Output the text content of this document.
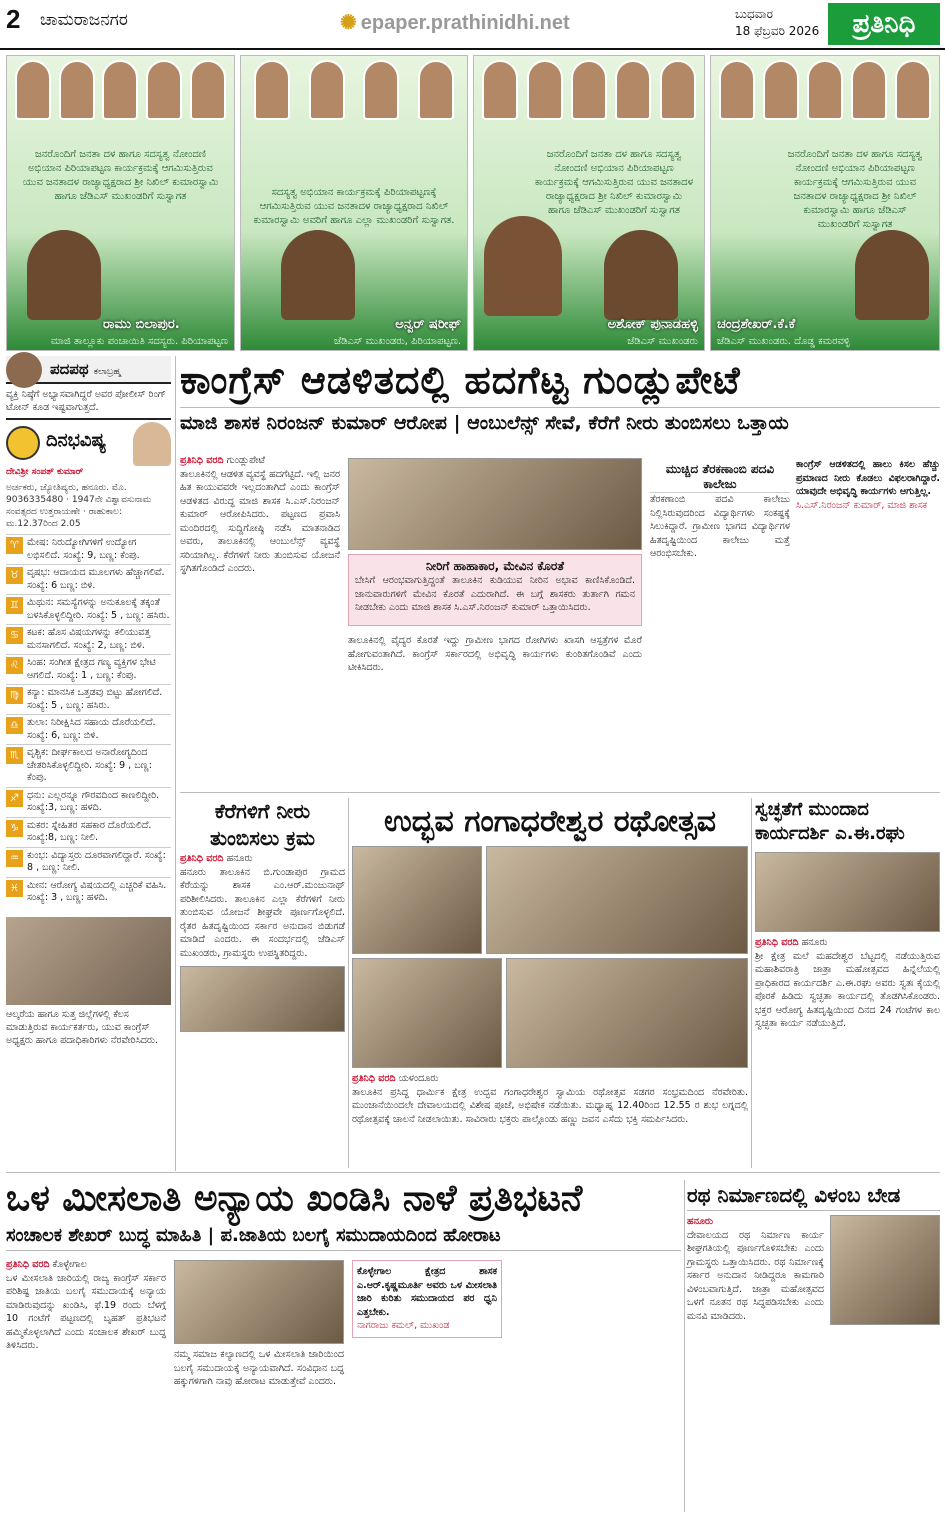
2 ಚಾಮರಾಜನಗರ	✺ epaper.prathinidhi.net	ಬುಧವಾರ
18 ಫೆಬ್ರವರಿ 2026	ಪ್ರತಿನಿಧಿ
ಜನರೊಂದಿಗೆ ಜನತಾ ದಳ ಹಾಗೂ ಸದಸ್ಯತ್ವ ನೋಂದಣಿ ಅಭಿಯಾನ ಪಿರಿಯಾಪಟ್ಟಣ ಕಾರ್ಯಕ್ರಮಕ್ಕೆ ಆಗಮಿಸುತ್ತಿರುವ ಯುವ ಜನತಾದಳ ರಾಜ್ಯಾಧ್ಯಕ್ಷರಾದ ಶ್ರೀ ನಿಖಿಲ್ ಕುಮಾರಸ್ವಾಮಿ ಹಾಗೂ ಜೆಡಿಎಸ್ ಮುಖಂಡರಿಗೆ ಸುಸ್ವಾಗತ
ರಾಮು ಬಿಲಾಪುರ.
ಮಾಜಿ ತಾಲ್ಲೂಕು ಪಂಚಾಯಿತಿ ಸದಸ್ಯರು. ಪಿರಿಯಾಪಟ್ಟಣ
ಸದಸ್ಯತ್ವ ಅಭಿಯಾನ ಕಾರ್ಯಕ್ರಮಕ್ಕೆ ಪಿರಿಯಾಪಟ್ಟಣಕ್ಕೆ ಆಗಮಿಸುತ್ತಿರುವ ಯುವ ಜನತಾದಳ ರಾಜ್ಯಾಧ್ಯಕ್ಷರಾದ ನಿಖಿಲ್ ಕುಮಾರಸ್ವಾಮಿ ಅವರಿಗೆ ಹಾಗೂ ಎಲ್ಲಾ ಮುಖಂಡರಿಗೆ ಸುಸ್ವಾಗತ.
ಅನ್ವರ್ ಷರೀಫ್
ಜೆಡಿಎಸ್ ಮುಖಂಡರು, ಪಿರಿಯಾಪಟ್ಟಣ.
ಜನರೊಂದಿಗೆ ಜನತಾ ದಳ ಹಾಗೂ ಸದಸ್ಯತ್ವ ನೋಂದಣಿ ಅಭಿಯಾನ ಪಿರಿಯಾಪಟ್ಟಣ ಕಾರ್ಯಕ್ರಮಕ್ಕೆ ಆಗಮಿಸುತ್ತಿರುವ ಯುವ ಜನತಾದಳ ರಾಜ್ಯಾಧ್ಯಕ್ಷರಾದ ಶ್ರೀ ನಿಖಿಲ್ ಕುಮಾರಸ್ವಾಮಿ ಹಾಗೂ ಜೆಡಿಎಸ್ ಮುಖಂಡರಿಗೆ ಸುಸ್ವಾಗತ
ಅಶೋಕ್ ಪುನಾಡಹಳ್ಳಿ
ಜೆಡಿಎಸ್ ಮುಖಂಡರು
ಜನರೊಂದಿಗೆ ಜನತಾ ದಳ ಹಾಗೂ ಸದಸ್ಯತ್ವ ನೋಂದಣಿ ಅಭಿಯಾನ ಪಿರಿಯಾಪಟ್ಟಣ ಕಾರ್ಯಕ್ರಮಕ್ಕೆ ಆಗಮಿಸುತ್ತಿರುವ ಯುವ ಜನತಾದಳ ರಾಜ್ಯಾಧ್ಯಕ್ಷರಾದ ಶ್ರೀ ನಿಖಿಲ್ ಕುಮಾರಸ್ವಾಮಿ ಹಾಗೂ ಜೆಡಿಎಸ್ ಮುಖಂಡರಿಗೆ ಸುಸ್ವಾಗತ
ಚಂದ್ರಶೇಖರ್.ಕೆ.ಕೆ
ಜೆಡಿಎಸ್ ಮುಖಂಡರು. ದೊಡ್ಡ ಕಮರವಳ್ಳಿ
ಪದಪಥ ಕಲಾಬ್ರಹ್ಮ
ವ್ಯಕ್ತಿ ನಿಷ್ಠೆಗೆ ಅಭ್ಯಾಸವಾಗಿದ್ದರೆ ಅವರ ಪೋಲೀಸ್ ರಿಂಗ್ ಟೋನ್ ಕೂಡ ಇಷ್ಟವಾಗುತ್ತದೆ.
ದಿನಭವಿಷ್ಯ
ದೇವಿಶ್ರೀ ಸಂಪತ್ ಕುಮಾರ್
ಅರ್ಚಕರು, ಜ್ಯೋತಿಷ್ಯರು, ಹನೂರು. ಮೊ. 9036335480 · 1947ನೇ ವಿಶ್ವಾವಸುನಾಮ ಸಂವತ್ಸರದ ಉತ್ತರಾಯಣೇ · ರಾಹುಕಾಲ: ಮ.12.37ರಿಂದ 2.05
♈ ಮೇಷ: ನಿರುದ್ಯೋಗಿಗಳಿಗೆ ಉದ್ಯೋಗ ಲಭಿಸಲಿದೆ. ಸಂಖ್ಯೆ: 9, ಬಣ್ಣ: ಕೆಂಪು.
♉ ವೃಷಭ: ಆದಾಯದ ಮೂಲಗಳು ಹೆಚ್ಚಾಗಲಿವೆ. ಸಂಖ್ಯೆ: 6 ಬಣ್ಣ: ಬಿಳಿ.
♊ ಮಿಥುನ: ಸಮಸ್ಯೆಗಳನ್ನು ಅನುಕೂಲಕ್ಕೆ ತಕ್ಕಂತೆ ಬಳಸಿಕೊಳ್ಳಲಿದ್ದೀರಿ. ಸಂಖ್ಯೆ: 5 , ಬಣ್ಣ: ಹಸಿರು.
♋ ಕಟಕ: ಹೊಸ ವಿಷಯಗಳನ್ನು ಕಲಿಯುವತ್ತ ಮನಸಾಗಲಿದೆ. ಸಂಖ್ಯೆ: 2, ಬಣ್ಣ: ಬಿಳಿ.
♌ ಸಿಂಹ: ಸಂಗೀತ ಕ್ಷೇತ್ರದ ಗಣ್ಯ ವ್ಯಕ್ತಿಗಳ ಭೇಟಿ ಆಗಲಿದೆ. ಸಂಖ್ಯೆ: 1 , ಬಣ್ಣ: ಕೆಂಪು.
♍ ಕನ್ಯಾ: ಮಾನಸಿಕ ಒತ್ತಡವು ಬಿಟ್ಟು ಹೋಗಲಿದೆ. ಸಂಖ್ಯೆ: 5 , ಬಣ್ಣ: ಹಸಿರು.
♎ ತುಲಾ: ನಿರೀಕ್ಷಿಸಿದ ಸಹಾಯ ದೊರೆಯಲಿದೆ. ಸಂಖ್ಯೆ: 6, ಬಣ್ಣ: ಬಿಳಿ.
♏ ವೃಶ್ಚಿಕ: ದೀರ್ಘಕಾಲದ ಅನಾರೋಗ್ಯದಿಂದ ಚೇತರಿಸಿಕೊಳ್ಳಲಿದ್ದೀರಿ. ಸಂಖ್ಯೆ: 9 , ಬಣ್ಣ: ಕೆಂಪು.
♐ ಧನು: ಎಲ್ಲರನ್ನೂ ಗೌರವದಿಂದ ಕಾಣಲಿದ್ದೀರಿ. ಸಂಖ್ಯೆ:3, ಬಣ್ಣ: ಹಳದಿ.
♑ ಮಕರ: ಸ್ನೇಹಿತರ ಸಹಕಾರ ದೊರೆಯಲಿದೆ. ಸಂಖ್ಯೆ:8, ಬಣ್ಣ: ನೀಲಿ.
♒ ಕುಂಭ: ವಿದ್ಯಾಸ್ತರು ದೂರವಾಗಲಿದ್ದಾರೆ. ಸಂಖ್ಯೆ: 8 , ಬಣ್ಣ: ನೀಲಿ.
♓ ಮೀನ: ಆರೋಗ್ಯ ವಿಷಯದಲ್ಲಿ ಎಚ್ಚರಿಕೆ ವಹಿಸಿ. ಸಂಖ್ಯೆ: 3 , ಬಣ್ಣ: ಹಳದಿ.
ಆಲ್ಕರೆಯ ಹಾಗೂ ಸುತ್ತ ಜಿಲ್ಲೆಗಳಲ್ಲಿ ಕೆಲಸ ಮಾಡುತ್ತಿರುವ ಕಾರ್ಯಕರ್ತರು, ಯುವ ಕಾಂಗ್ರೆಸ್ ಅಧ್ಯಕ್ಷರು ಹಾಗೂ ಪದಾಧಿಕಾರಿಗಳು ನೆರವೇರಿಸಿದರು.
ಕಾಂಗ್ರೆಸ್ ಆಡಳಿತದಲ್ಲಿ ಹದಗೆಟ್ಟ ಗುಂಡ್ಲುಪೇಟೆ
ಮಾಜಿ ಶಾಸಕ ನಿರಂಜನ್ ಕುಮಾರ್ ಆರೋಪ | ಆಂಬುಲೆನ್ಸ್ ಸೇವೆ, ಕೆರೆಗೆ ನೀರು ತುಂಬಿಸಲು ಒತ್ತಾಯ
ಪ್ರತಿನಿಧಿ ವರದಿ ಗುಂಡ್ಲುಪೇಟೆ
ತಾಲೂಕಿನಲ್ಲಿ ಆಡಳಿತ ವ್ಯವಸ್ಥೆ ಹದಗೆಟ್ಟಿದೆ. ಇಲ್ಲಿ ಜನರ ಹಿತ ಕಾಯುವವರೇ ಇಲ್ಲದಂತಾಗಿದೆ ಎಂದು ಕಾಂಗ್ರೆಸ್ ಆಡಳಿತದ ವಿರುದ್ಧ ಮಾಜಿ ಶಾಸಕ ಸಿ.ಎಸ್.ನಿರಂಜನ್ ಕುಮಾರ್ ಆರೋಪಿಸಿದರು. ಪಟ್ಟಣದ ಪ್ರವಾಸಿ ಮಂದಿರದಲ್ಲಿ ಸುದ್ದಿಗೋಷ್ಠಿ ನಡೆಸಿ ಮಾತನಾಡಿದ ಅವರು, ತಾಲೂಕಿನಲ್ಲಿ ಆಂಬುಲೆನ್ಸ್ ವ್ಯವಸ್ಥೆ ಸರಿಯಾಗಿಲ್ಲ. ಕೆರೆಗಳಿಗೆ ನೀರು ತುಂಬಿಸುವ ಯೋಜನೆ ಸ್ಥಗಿತಗೊಂಡಿದೆ ಎಂದರು.	ನೀರಿಗೆ ಹಾಹಾಕಾರ, ಮೇವಿನ ಕೊರತೆ
ಬೇಸಿಗೆ ಆರಂಭವಾಗುತ್ತಿದ್ದಂತೆ ತಾಲೂಕಿನ ಕುಡಿಯುವ ನೀರಿನ ಅಭಾವ ಕಾಣಿಸಿಕೊಂಡಿದೆ. ಜಾನುವಾರುಗಳಿಗೆ ಮೇವಿನ ಕೊರತೆ ಎದುರಾಗಿದೆ. ಈ ಬಗ್ಗೆ ಶಾಸಕರು ತುರ್ತಾಗಿ ಗಮನ ನೀಡಬೇಕು ಎಂದು ಮಾಜಿ ಶಾಸಕ ಸಿ.ಎಸ್.ನಿರಂಜನ್ ಕುಮಾರ್ ಒತ್ತಾಯಿಸಿದರು.
ತಾಲೂಕಿನಲ್ಲಿ ವೈದ್ಯರ ಕೊರತೆ ಇದ್ದು ಗ್ರಾಮೀಣ ಭಾಗದ ರೋಗಿಗಳು ಖಾಸಗಿ ಆಸ್ಪತ್ರೆಗಳ ಮೊರೆ ಹೋಗುವಂತಾಗಿದೆ. ಕಾಂಗ್ರೆಸ್ ಸರ್ಕಾರದಲ್ಲಿ ಅಭಿವೃದ್ಧಿ ಕಾರ್ಯಗಳು ಕುಂಠಿತಗೊಂಡಿವೆ ಎಂದು ಟೀಕಿಸಿದರು.
ಮುಚ್ಚಿದ ತೆರಕಣಾಂಬಿ ಪದವಿ ಕಾಲೇಜು
ತೆರಕಣಾಂಬಿ ಪದವಿ ಕಾಲೇಜು ನಿಲ್ಲಿಸಿರುವುದರಿಂದ ವಿದ್ಯಾರ್ಥಿಗಳು ಸಂಕಷ್ಟಕ್ಕೆ ಸಿಲುಕಿದ್ದಾರೆ. ಗ್ರಾಮೀಣ ಭಾಗದ ವಿದ್ಯಾರ್ಥಿಗಳ ಹಿತದೃಷ್ಟಿಯಿಂದ ಕಾಲೇಜು ಮತ್ತೆ ಆರಂಭಿಸಬೇಕು.
ಕಾಂಗ್ರೆಸ್ ಆಡಳಿತದಲ್ಲಿ ಹಾಲು ಕಿಸಲ ಹೆಚ್ಚು ಪ್ರಮಾಣದ ನೀರು ಕೊಡಲು ವಿಫಲರಾಗಿದ್ದಾರೆ. ಯಾವುದೇ ಅಭಿವೃದ್ಧಿ ಕಾರ್ಯಗಳು ಆಗುತ್ತಿಲ್ಲ.
ಸಿ.ಎಸ್.ನಿರಂಜನ್ ಕುಮಾರ್, ಮಾಜಿ ಶಾಸಕ
ಕೆರೆಗಳಿಗೆ ನೀರು ತುಂಬಿಸಲು ಕ್ರಮ
ಪ್ರತಿನಿಧಿ ವರದಿ ಹನೂರು
ಹನೂರು ತಾಲೂಕಿನ ಬಿ.ಗುಂಡಾಪುರ ಗ್ರಾಮದ ಕೆರೆಯನ್ನು ಶಾಸಕ ಎಂ.ಆರ್.ಮಂಜುನಾಥ್ ಪರಿಶೀಲಿಸಿದರು. ತಾಲೂಕಿನ ಎಲ್ಲಾ ಕೆರೆಗಳಿಗೆ ನೀರು ತುಂಬಿಸುವ ಯೋಜನೆ ಶೀಘ್ರವೇ ಪೂರ್ಣಗೊಳ್ಳಲಿದೆ. ರೈತರ ಹಿತದೃಷ್ಟಿಯಿಂದ ಸರ್ಕಾರ ಅನುದಾನ ಬಿಡುಗಡೆ ಮಾಡಿದೆ ಎಂದರು. ಈ ಸಂದರ್ಭದಲ್ಲಿ ಜೆಡಿಎಸ್ ಮುಖಂಡರು, ಗ್ರಾಮಸ್ಥರು ಉಪಸ್ಥಿತರಿದ್ದರು.
ಉದ್ಭವ ಗಂಗಾಧರೇಶ್ವರ ರಥೋತ್ಸವ
ಪ್ರತಿನಿಧಿ ವರದಿ ಯಳಂದೂರು
ತಾಲೂಕಿನ ಪ್ರಸಿದ್ಧ ಧಾರ್ಮಿಕ ಕ್ಷೇತ್ರ ಉದ್ಭವ ಗಂಗಾಧರೇಶ್ವರ ಸ್ವಾಮಿಯ ರಥೋತ್ಸವ ಸಡಗರ ಸಂಭ್ರಮದಿಂದ ನೆರವೇರಿತು. ಮುಂಜಾನೆಯಿಂದಲೇ ದೇವಾಲಯದಲ್ಲಿ ವಿಶೇಷ ಪೂಜೆ, ಅಭಿಷೇಕ ನಡೆಯಿತು. ಮಧ್ಯಾಹ್ನ 12.40ರಿಂದ 12.55 ರ ಶುಭ ಲಗ್ನದಲ್ಲಿ ರಥೋತ್ಸವಕ್ಕೆ ಚಾಲನೆ ನೀಡಲಾಯಿತು. ಸಾವಿರಾರು ಭಕ್ತರು ಪಾಲ್ಗೊಂಡು ಹಣ್ಣು ಜವನ ಎಸೆದು ಭಕ್ತಿ ಸಮರ್ಪಿಸಿದರು.
ಸ್ವಚ್ಛತೆಗೆ ಮುಂದಾದ ಕಾರ್ಯದರ್ಶಿ ಎ.ಈ.ರಘು
ಪ್ರತಿನಿಧಿ ವರದಿ ಹನೂರು
ಶ್ರೀ ಕ್ಷೇತ್ರ ಮಲೆ ಮಹದೇಶ್ವರ ಬೆಟ್ಟದಲ್ಲಿ ನಡೆಯುತ್ತಿರುವ ಮಹಾಶಿವರಾತ್ರಿ ಜಾತ್ರಾ ಮಹೋತ್ಸವದ ಹಿನ್ನೆಲೆಯಲ್ಲಿ ಪ್ರಾಧಿಕಾರದ ಕಾರ್ಯದರ್ಶಿ ಎ.ಈ.ರಘು ಅವರು ಸ್ವತಃ ಕೈಯಲ್ಲಿ ಪೊರಕೆ ಹಿಡಿದು ಸ್ವಚ್ಛತಾ ಕಾರ್ಯದಲ್ಲಿ ತೊಡಗಿಸಿಕೊಂಡರು. ಭಕ್ತರ ಆರೋಗ್ಯ ಹಿತದೃಷ್ಟಿಯಿಂದ ದಿನದ 24 ಗಂಟೆಗಳ ಕಾಲ ಸ್ವಚ್ಛತಾ ಕಾರ್ಯ ನಡೆಯುತ್ತಿದೆ.
ಒಳ ಮೀಸಲಾತಿ ಅನ್ಯಾಯ ಖಂಡಿಸಿ ನಾಳೆ ಪ್ರತಿಭಟನೆ
ಸಂಚಾಲಕ ಶೇಖರ್ ಬುದ್ಧ ಮಾಹಿತಿ | ಪ.ಜಾತಿಯ ಬಲಗೈ ಸಮುದಾಯದಿಂದ ಹೋರಾಟ
ಪ್ರತಿನಿಧಿ ವರದಿ ಕೊಳ್ಳೇಗಾಲ
ಒಳ ಮೀಸಲಾತಿ ಜಾರಿಯಲ್ಲಿ ರಾಜ್ಯ ಕಾಂಗ್ರೆಸ್ ಸರ್ಕಾರ ಪರಿಶಿಷ್ಟ ಜಾತಿಯ ಬಲಗೈ ಸಮುದಾಯಕ್ಕೆ ಅನ್ಯಾಯ ಮಾಡಿರುವುದನ್ನು ಖಂಡಿಸಿ, ಫೆ.19 ರಂದು ಬೆಳಗ್ಗೆ 10 ಗಂಟೆಗೆ ಪಟ್ಟಣದಲ್ಲಿ ಬೃಹತ್ ಪ್ರತಿಭಟನೆ ಹಮ್ಮಿಕೊಳ್ಳಲಾಗಿದೆ ಎಂದು ಸಂಚಾಲಕ ಶೇಖರ್ ಬುದ್ಧ ತಿಳಿಸಿದರು.
ನಮ್ಮ ಸಮಾಜ ಕಲ್ಯಾಣದಲ್ಲಿ ಒಳ ಮೀಸಲಾತಿ ಜಾರಿಯಿಂದ ಬಲಗೈ ಸಮುದಾಯಕ್ಕೆ ಅನ್ಯಾಯವಾಗಿದೆ. ಸಂವಿಧಾನ ಬದ್ಧ ಹಕ್ಕುಗಳಿಗಾಗಿ ನಾವು ಹೋರಾಟ ಮಾಡುತ್ತೇವೆ ಎಂದರು.
ಕೊಳ್ಳೇಗಾಲ ಕ್ಷೇತ್ರದ ಶಾಸಕ ಎ.ಆರ್.ಕೃಷ್ಣಮೂರ್ತಿ ಅವರು ಒಳ ಮೀಸಲಾತಿ ಜಾರಿ ಕುರಿತು ಸಮುದಾಯದ ಪರ ಧ್ವನಿ ಎತ್ತಬೇಕು.
ನಾಗರಾಜು ಕಮಲ್, ಮುಖಂಡ
ರಥ ನಿರ್ಮಾಣದಲ್ಲಿ ವಿಳಂಬ ಬೇಡ
ಹನೂರು
ದೇವಾಲಯದ ರಥ ನಿರ್ಮಾಣ ಕಾರ್ಯ ಶೀಘ್ರಗತಿಯಲ್ಲಿ ಪೂರ್ಣಗೊಳಿಸಬೇಕು ಎಂದು ಗ್ರಾಮಸ್ಥರು ಒತ್ತಾಯಿಸಿದರು. ರಥ ನಿರ್ಮಾಣಕ್ಕೆ ಸರ್ಕಾರ ಅನುದಾನ ನೀಡಿದ್ದರೂ ಕಾಮಗಾರಿ ವಿಳಂಬವಾಗುತ್ತಿದೆ. ಜಾತ್ರಾ ಮಹೋತ್ಸವದ ಒಳಗೆ ನೂತನ ರಥ ಸಿದ್ಧಪಡಿಸಬೇಕು ಎಂದು ಮನವಿ ಮಾಡಿದರು.
